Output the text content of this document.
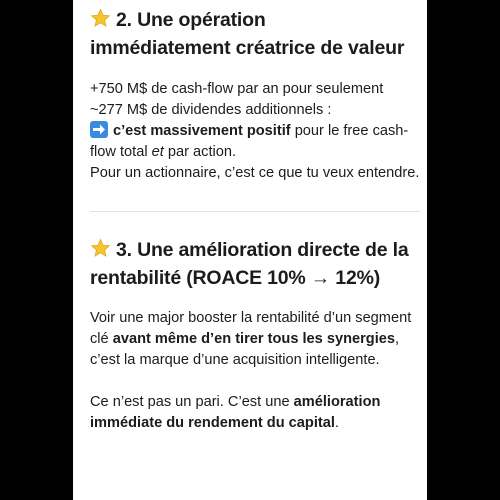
2. Une opération
immédiatement créatrice de valeur
+750 M$ de cash-flow par an pour seulement ~277 M$ de dividendes additionnels :

c’est massivement positif pour le free cash-flow total et par action.
Pour un actionnaire, c’est ce que tu veux entendre.
3. Une amélioration directe de la
rentabilité (ROACE 10% → 12%)
Voir une major booster la rentabilité d’un segment clé avant même d’en tirer tous les synergies, c’est la marque d’une acquisition intelligente.
Ce n’est pas un pari. C’est une amélioration immédiate du rendement du capital.
